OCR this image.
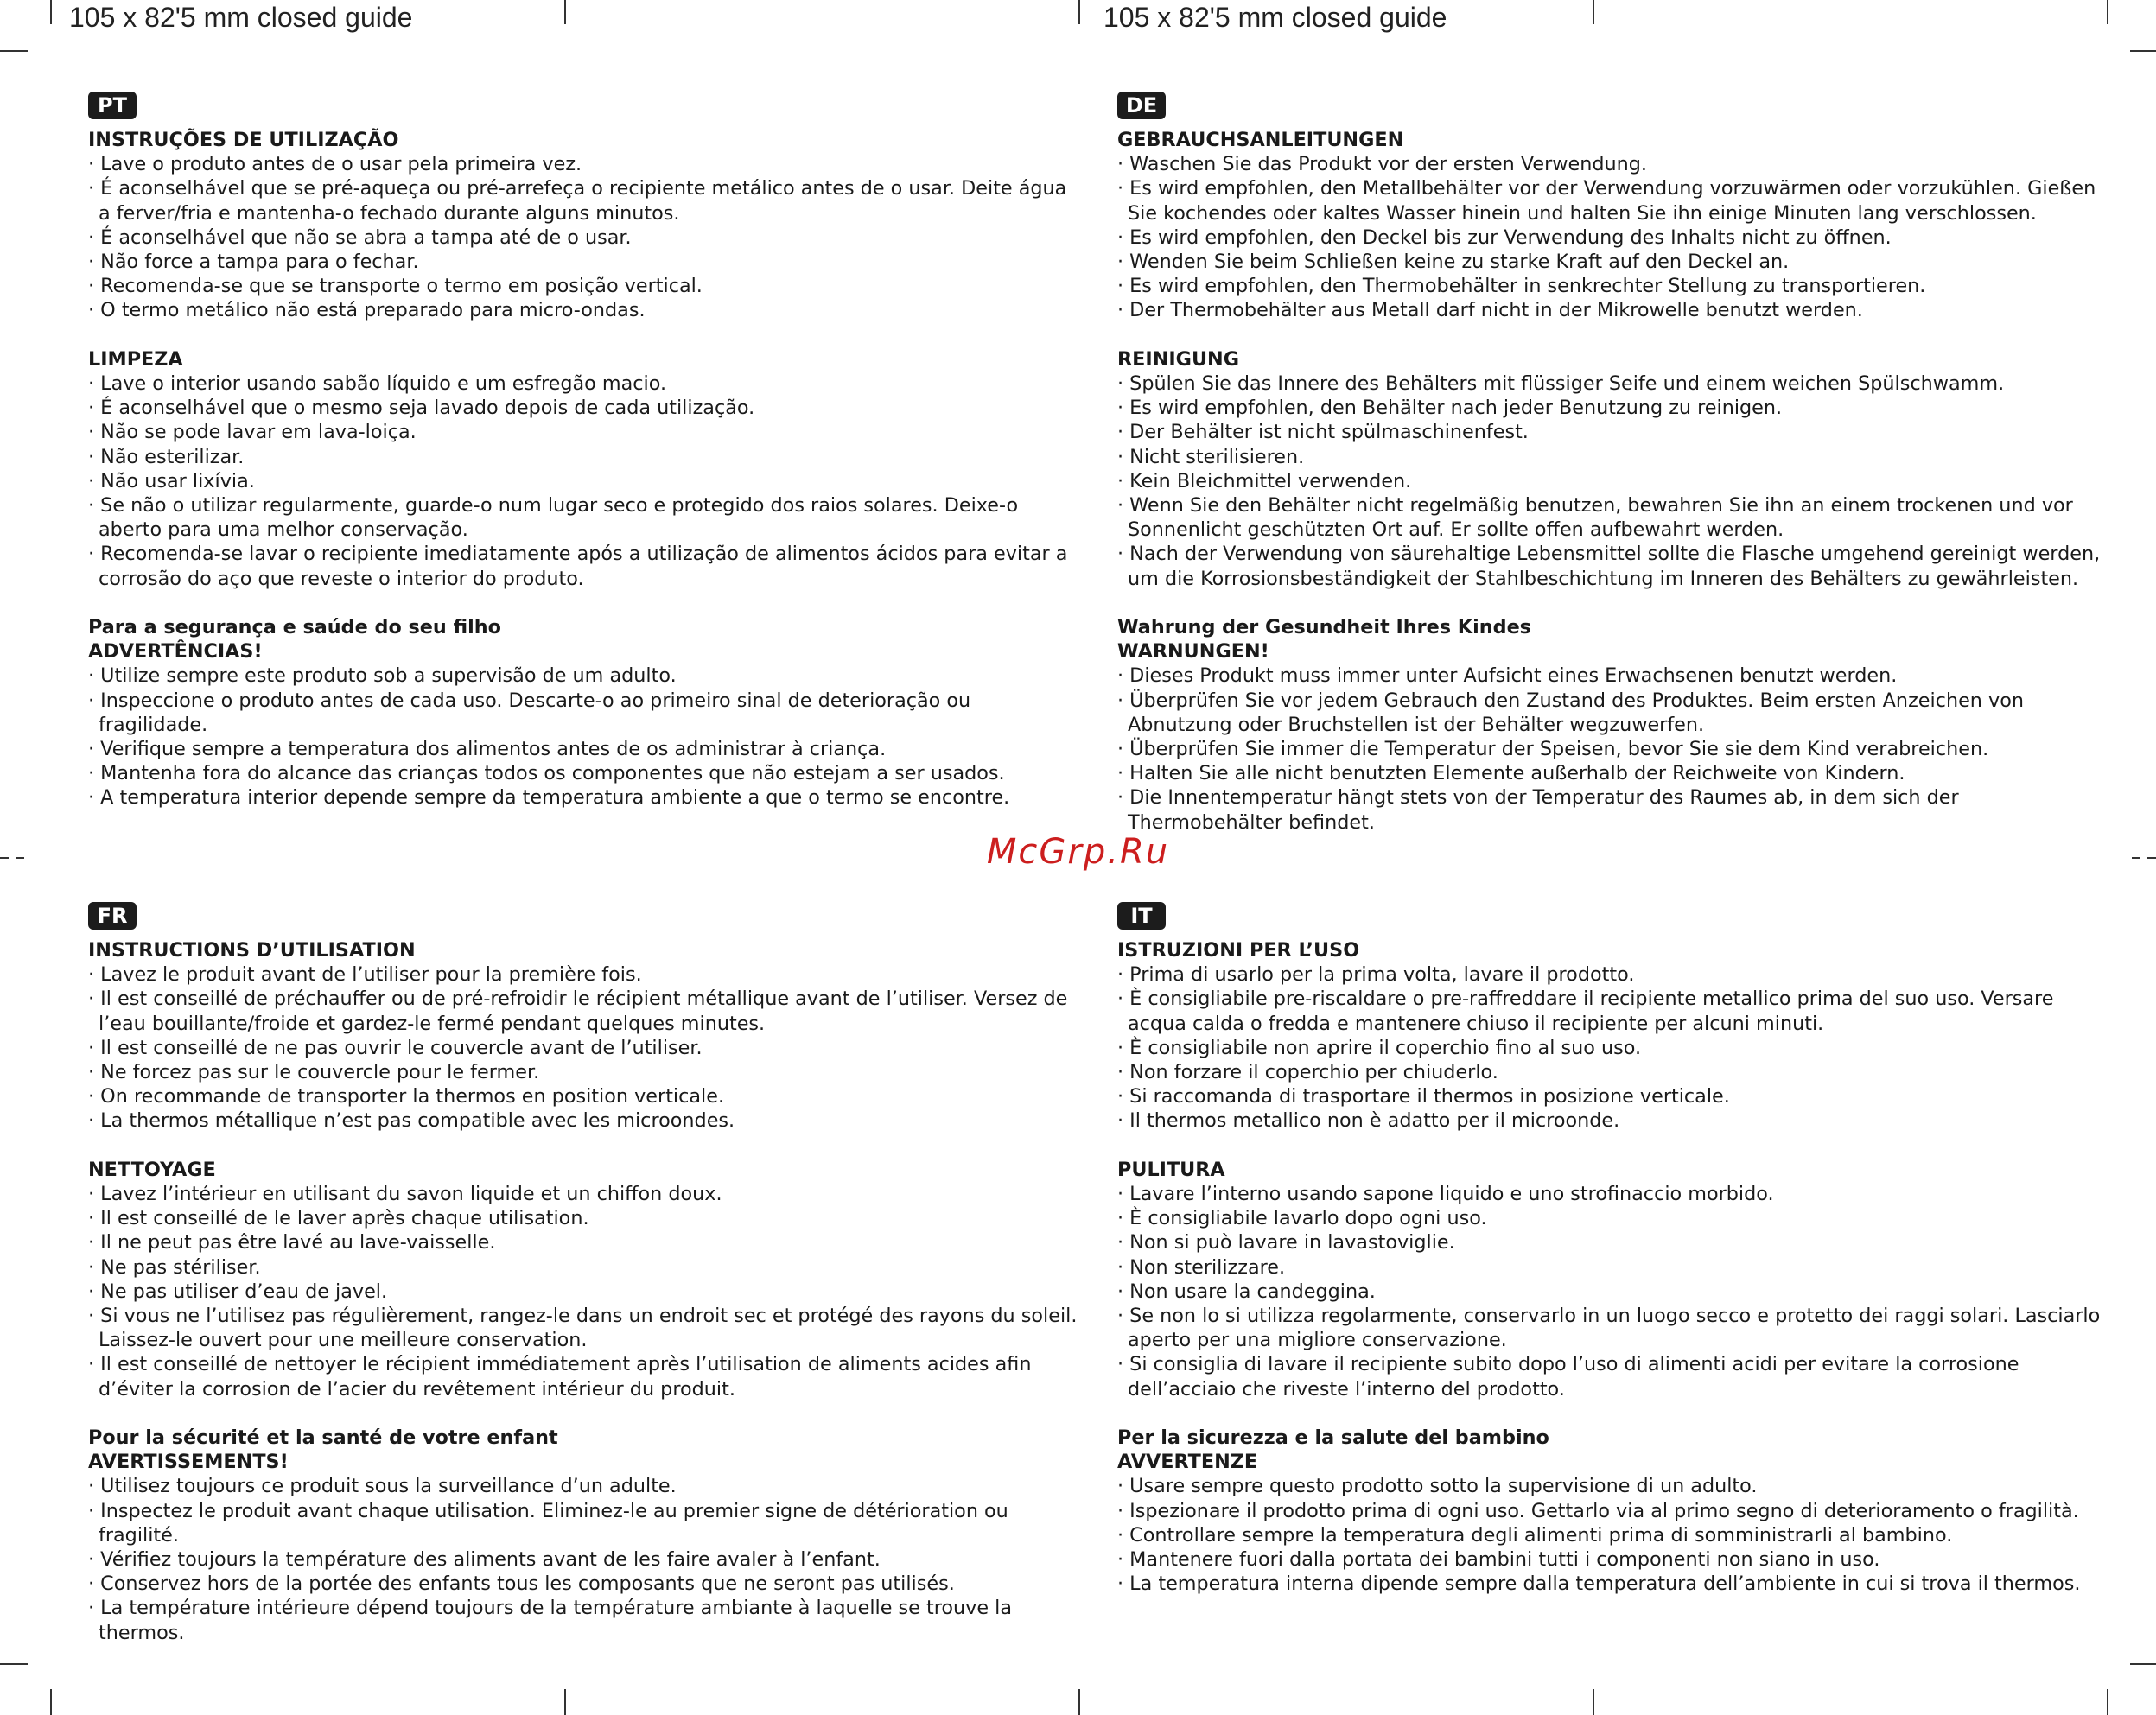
105 x 82'5 mm closed guide	105 x 82'5 mm closed guide
PT
INSTRUÇÕES DE UTILIZAÇÃO
· Lave o produto antes de o usar pela primeira vez.
· É aconselhável que se pré-aqueça ou pré-arrefeça o recipiente metálico antes de o usar. Deite água a ferver/fria e mantenha-o fechado durante alguns minutos.
· É aconselhável que não se abra a tampa até de o usar.
· Não force a tampa para o fechar.
· Recomenda-se que se transporte o termo em posição vertical.
· O termo metálico não está preparado para micro-ondas.
LIMPEZA
· Lave o interior usando sabão líquido e um esfregão macio.
· É aconselhável que o mesmo seja lavado depois de cada utilização.
· Não se pode lavar em lava-loiça.
· Não esterilizar.
· Não usar lixívia.
· Se não o utilizar regularmente, guarde-o num lugar seco e protegido dos raios solares. Deixe-o aberto para uma melhor conservação.
· Recomenda-se lavar o recipiente imediatamente após a utilização de alimentos ácidos para evitar a corrosão do aço que reveste o interior do produto.
Para a segurança e saúde do seu filho
ADVERTÊNCIAS!
· Utilize sempre este produto sob a supervisão de um adulto.
· Inspeccione o produto antes de cada uso. Descarte-o ao primeiro sinal de deterioração ou fragilidade.
· Verifique sempre a temperatura dos alimentos antes de os administrar à criança.
· Mantenha fora do alcance das crianças todos os componentes que não estejam a ser usados.
· A temperatura interior depende sempre da temperatura ambiente a que o termo se encontre.
DE
GEBRAUCHSANLEITUNGEN
· Waschen Sie das Produkt vor der ersten Verwendung.
· Es wird empfohlen, den Metallbehälter vor der Verwendung vorzuwärmen oder vorzukühlen. Gießen Sie kochendes oder kaltes Wasser hinein und halten Sie ihn einige Minuten lang verschlossen.
· Es wird empfohlen, den Deckel bis zur Verwendung des Inhalts nicht zu öffnen.
· Wenden Sie beim Schließen keine zu starke Kraft auf den Deckel an.
· Es wird empfohlen, den Thermobehälter in senkrechter Stellung zu transportieren.
· Der Thermobehälter aus Metall darf nicht in der Mikrowelle benutzt werden.
REINIGUNG
· Spülen Sie das Innere des Behälters mit flüssiger Seife und einem weichen Spülschwamm.
· Es wird empfohlen, den Behälter nach jeder Benutzung zu reinigen.
· Der Behälter ist nicht spülmaschinenfest.
· Nicht sterilisieren.
· Kein Bleichmittel verwenden.
· Wenn Sie den Behälter nicht regelmäßig benutzen, bewahren Sie ihn an einem trockenen und vor Sonnenlicht geschützten Ort auf. Er sollte offen aufbewahrt werden.
· Nach der Verwendung von säurehaltige Lebensmittel sollte die Flasche umgehend gereinigt werden, um die Korrosionsbeständigkeit der Stahlbeschichtung im Inneren des Behälters zu gewährleisten.
Wahrung der Gesundheit Ihres Kindes
WARNUNGEN!
· Dieses Produkt muss immer unter Aufsicht eines Erwachsenen benutzt werden.
· Überprüfen Sie vor jedem Gebrauch den Zustand des Produktes. Beim ersten Anzeichen von Abnutzung oder Bruchstellen ist der Behälter wegzuwerfen.
· Überprüfen Sie immer die Temperatur der Speisen, bevor Sie sie dem Kind verabreichen.
· Halten Sie alle nicht benutzten Elemente außerhalb der Reichweite von Kindern.
· Die Innentemperatur hängt stets von der Temperatur des Raumes ab, in dem sich der Thermobehälter befindet.
McGrp.Ru
FR
INSTRUCTIONS D’UTILISATION
· Lavez le produit avant de l’utiliser pour la première fois.
· Il est conseillé de préchauffer ou de pré-refroidir le récipient métallique avant de l’utiliser. Versez de l’eau bouillante/froide et gardez-le fermé pendant quelques minutes.
· Il est conseillé de ne pas ouvrir le couvercle avant de l’utiliser.
· Ne forcez pas sur le couvercle pour le fermer.
· On recommande de transporter la thermos en position verticale.
· La thermos métallique n’est pas compatible avec les microondes.
NETTOYAGE
· Lavez l’intérieur en utilisant du savon liquide et un chiffon doux.
· Il est conseillé de le laver après chaque utilisation.
· Il ne peut pas être lavé au lave-vaisselle.
· Ne pas stériliser.
· Ne pas utiliser d’eau de javel.
· Si vous ne l’utilisez pas régulièrement, rangez-le dans un endroit sec et protégé des rayons du soleil. Laissez-le ouvert pour une meilleure conservation.
· Il est conseillé de nettoyer le récipient immédiatement après l’utilisation de aliments acides afin d’éviter la corrosion de l’acier du revêtement intérieur du produit.
Pour la sécurité et la santé de votre enfant
AVERTISSEMENTS!
· Utilisez toujours ce produit sous la surveillance d’un adulte.
· Inspectez le produit avant chaque utilisation. Eliminez-le au premier signe de détérioration ou fragilité.
· Vérifiez toujours la température des aliments avant de les faire avaler à l’enfant.
· Conservez hors de la portée des enfants tous les composants que ne seront pas utilisés.
· La température intérieure dépend toujours de la température ambiante à laquelle se trouve la thermos.
IT
ISTRUZIONI PER L’USO
· Prima di usarlo per la prima volta, lavare il prodotto.
· È consigliabile pre-riscaldare o pre-raffreddare il recipiente metallico prima del suo uso. Versare acqua calda o fredda e mantenere chiuso il recipiente per alcuni minuti.
· È consigliabile non aprire il coperchio fino al suo uso.
· Non forzare il coperchio per chiuderlo.
· Si raccomanda di trasportare il thermos in posizione verticale.
· Il thermos metallico non è adatto per il microonde.
PULITURA
· Lavare l’interno usando sapone liquido e uno strofinaccio morbido.
· È consigliabile lavarlo dopo ogni uso.
· Non si può lavare in lavastoviglie.
· Non sterilizzare.
· Non usare la candeggina.
· Se non lo si utilizza regolarmente, conservarlo in un luogo secco e protetto dei raggi solari. Lasciarlo aperto per una migliore conservazione.
· Si consiglia di lavare il recipiente subito dopo l’uso di alimenti acidi per evitare la corrosione dell’acciaio che riveste l’interno del prodotto.
Per la sicurezza e la salute del bambino
AVVERTENZE
· Usare sempre questo prodotto sotto la supervisione di un adulto.
· Ispezionare il prodotto prima di ogni uso. Gettarlo via al primo segno di deterioramento o fragilità.
· Controllare sempre la temperatura degli alimenti prima di somministrarli al bambino.
· Mantenere fuori dalla portata dei bambini tutti i componenti non siano in uso.
· La temperatura interna dipende sempre dalla temperatura dell’ambiente in cui si trova il thermos.
